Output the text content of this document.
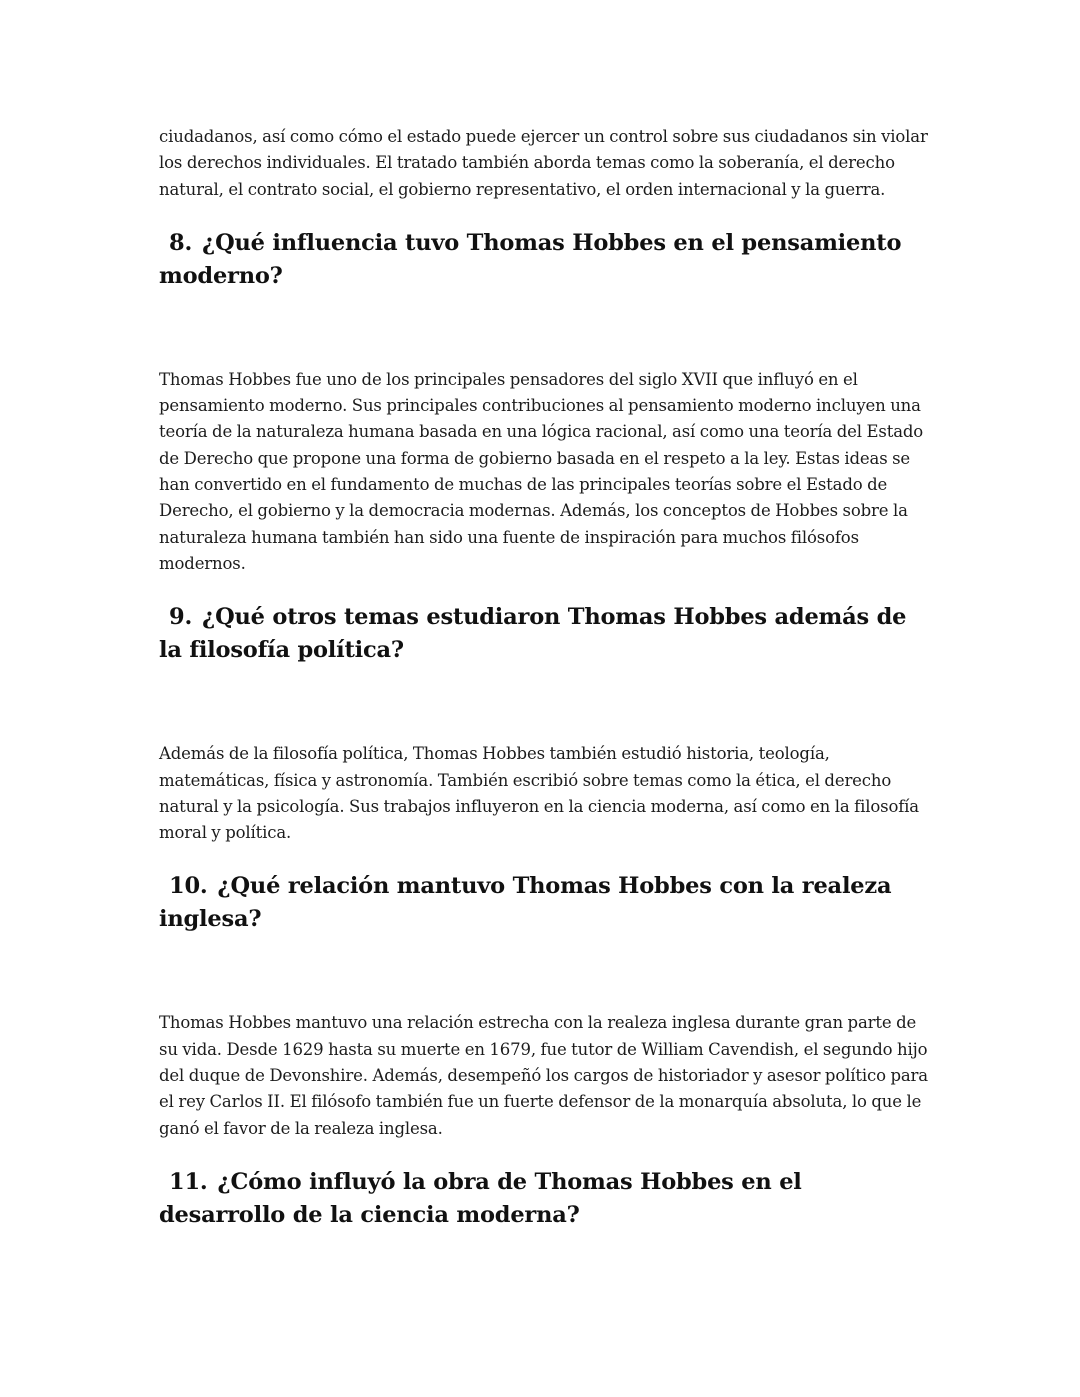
ciudadanos, así como cómo el estado puede ejercer un control sobre sus ciudadanos sin violar los derechos individuales. El tratado también aborda temas como la soberanía, el derecho natural, el contrato social, el gobierno representativo, el orden internacional y la guerra.

8. ¿Qué influencia tuvo Thomas Hobbes en el pensamiento moderno?

Thomas Hobbes fue uno de los principales pensadores del siglo XVII que influyó en el pensamiento moderno. Sus principales contribuciones al pensamiento moderno incluyen una teoría de la naturaleza humana basada en una lógica racional, así como una teoría del Estado de Derecho que propone una forma de gobierno basada en el respeto a la ley. Estas ideas se han convertido en el fundamento de muchas de las principales teorías sobre el Estado de Derecho, el gobierno y la democracia modernas. Además, los conceptos de Hobbes sobre la naturaleza humana también han sido una fuente de inspiración para muchos filósofos modernos.

9. ¿Qué otros temas estudiaron Thomas Hobbes además de la filosofía política?

Además de la filosofía política, Thomas Hobbes también estudió historia, teología, matemáticas, física y astronomía. También escribió sobre temas como la ética, el derecho natural y la psicología. Sus trabajos influyeron en la ciencia moderna, así como en la filosofía moral y política.

10. ¿Qué relación mantuvo Thomas Hobbes con la realeza inglesa?

Thomas Hobbes mantuvo una relación estrecha con la realeza inglesa durante gran parte de su vida. Desde 1629 hasta su muerte en 1679, fue tutor de William Cavendish, el segundo hijo del duque de Devonshire. Además, desempeñó los cargos de historiador y asesor político para el rey Carlos II. El filósofo también fue un fuerte defensor de la monarquía absoluta, lo que le ganó el favor de la realeza inglesa.

11. ¿Cómo influyó la obra de Thomas Hobbes en el desarrollo de la ciencia moderna?
